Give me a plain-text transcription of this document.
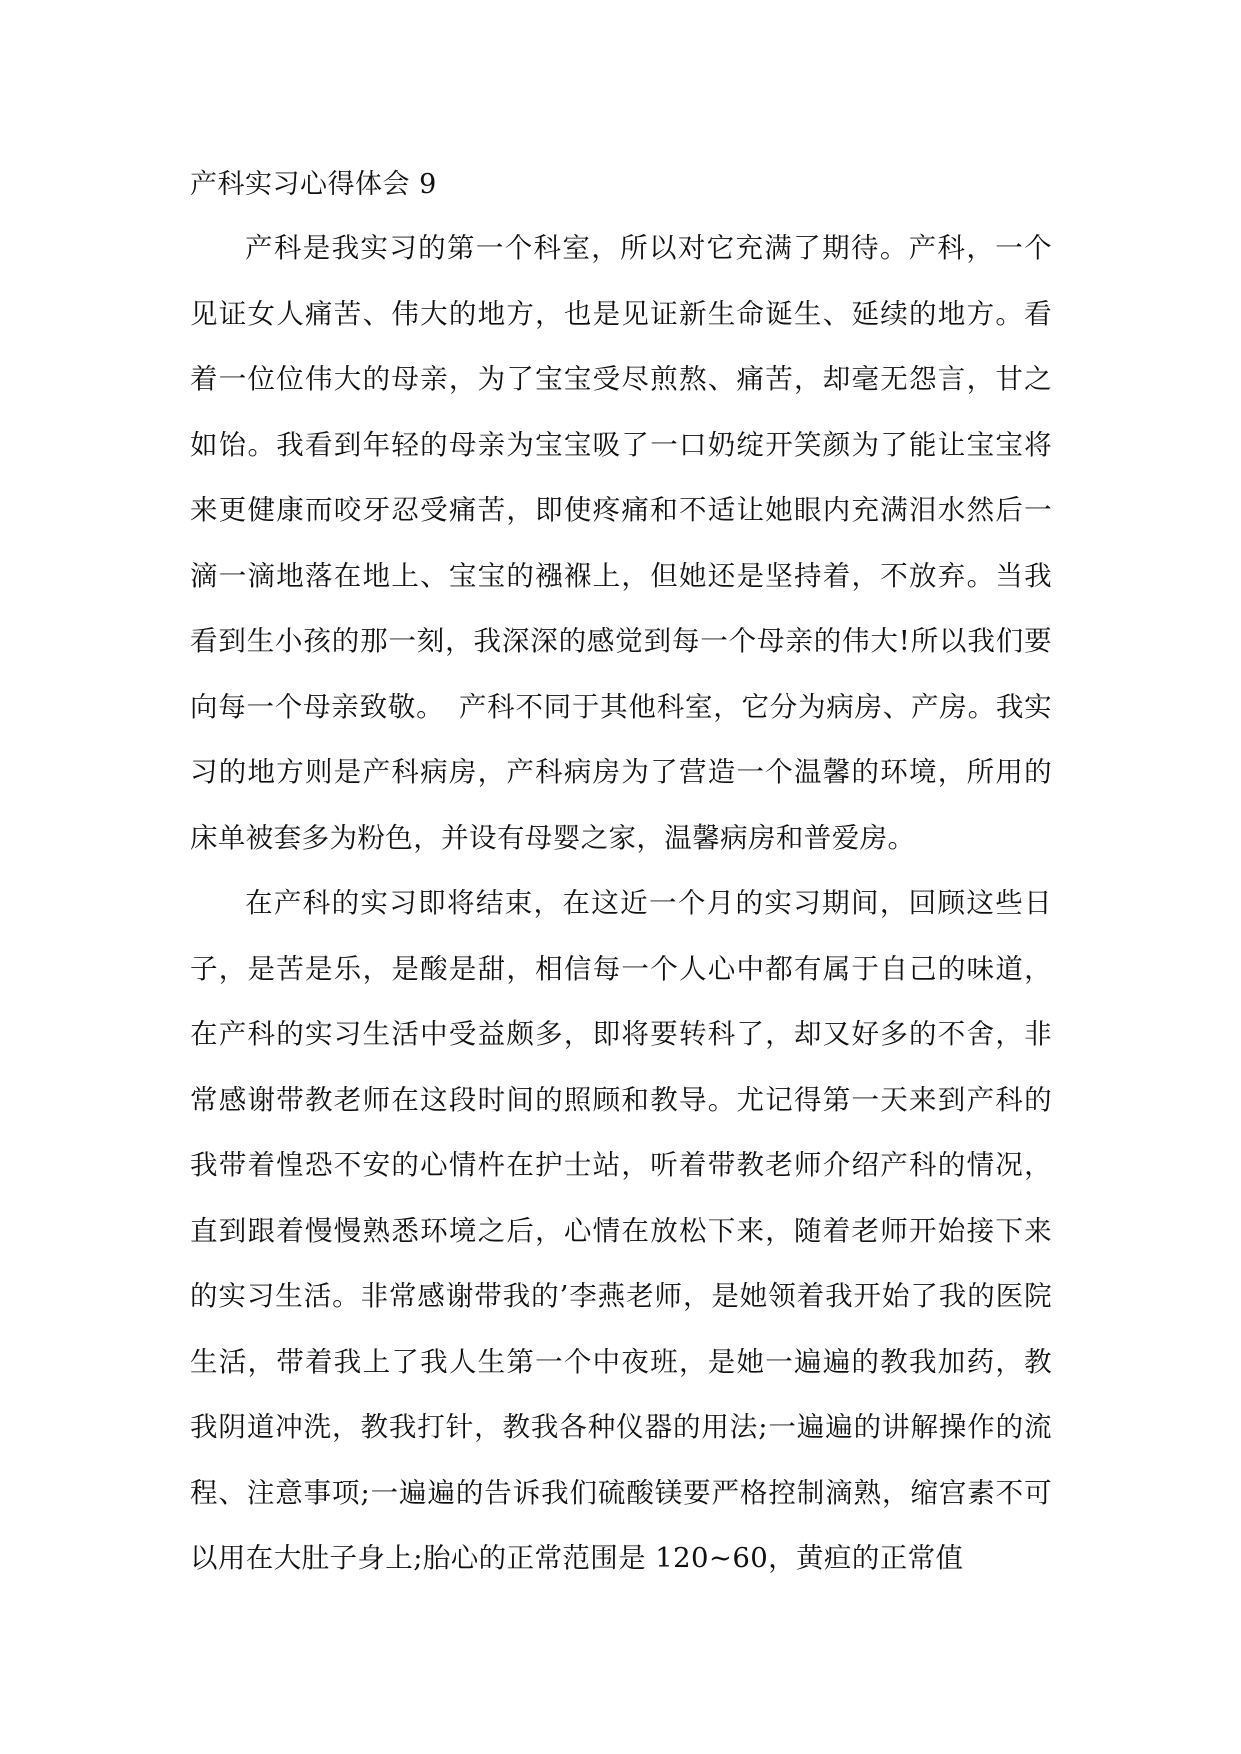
产科实习心得体会 9

产科是我实习的第一个科室，所以对它充满了期待。产科，一个见证女人痛苦、伟大的地方，也是见证新生命诞生、延续的地方。看着一位位伟大的母亲，为了宝宝受尽煎熬、痛苦，却毫无怨言，甘之如饴。我看到年轻的母亲为宝宝吸了一口奶绽开笑颜为了能让宝宝将来更健康而咬牙忍受痛苦，即使疼痛和不适让她眼内充满泪水然后一滴一滴地落在地上、宝宝的襁褓上，但她还是坚持着，不放弃。当我看到生小孩的那一刻，我深深的感觉到每一个母亲的伟大!所以我们要向每一个母亲致敬。　产科不同于其他科室，它分为病房、产房。我实习的地方则是产科病房，产科病房为了营造一个温馨的环境，所用的床单被套多为粉色，并设有母婴之家，温馨病房和普爱房。

在产科的实习即将结束，在这近一个月的实习期间，回顾这些日子，是苦是乐，是酸是甜，相信每一个人心中都有属于自己的味道，在产科的实习生活中受益颇多，即将要转科了，却又好多的不舍，非常感谢带教老师在这段时间的照顾和教导。尤记得第一天来到产科的我带着惶恐不安的心情杵在护士站，听着带教老师介绍产科的情况，直到跟着慢慢熟悉环境之后，心情在放松下来，随着老师开始接下来的实习生活。非常感谢带我的’李燕老师，是她领着我开始了我的医院生活，带着我上了我人生第一个中夜班，是她一遍遍的教我加药，教我阴道冲洗，教我打针，教我各种仪器的用法;一遍遍的讲解操作的流程、注意事项;一遍遍的告诉我们硫酸镁要严格控制滴熟，缩宫素不可以用在大肚子身上;胎心的正常范围是 120~60，黄疸的正常值
